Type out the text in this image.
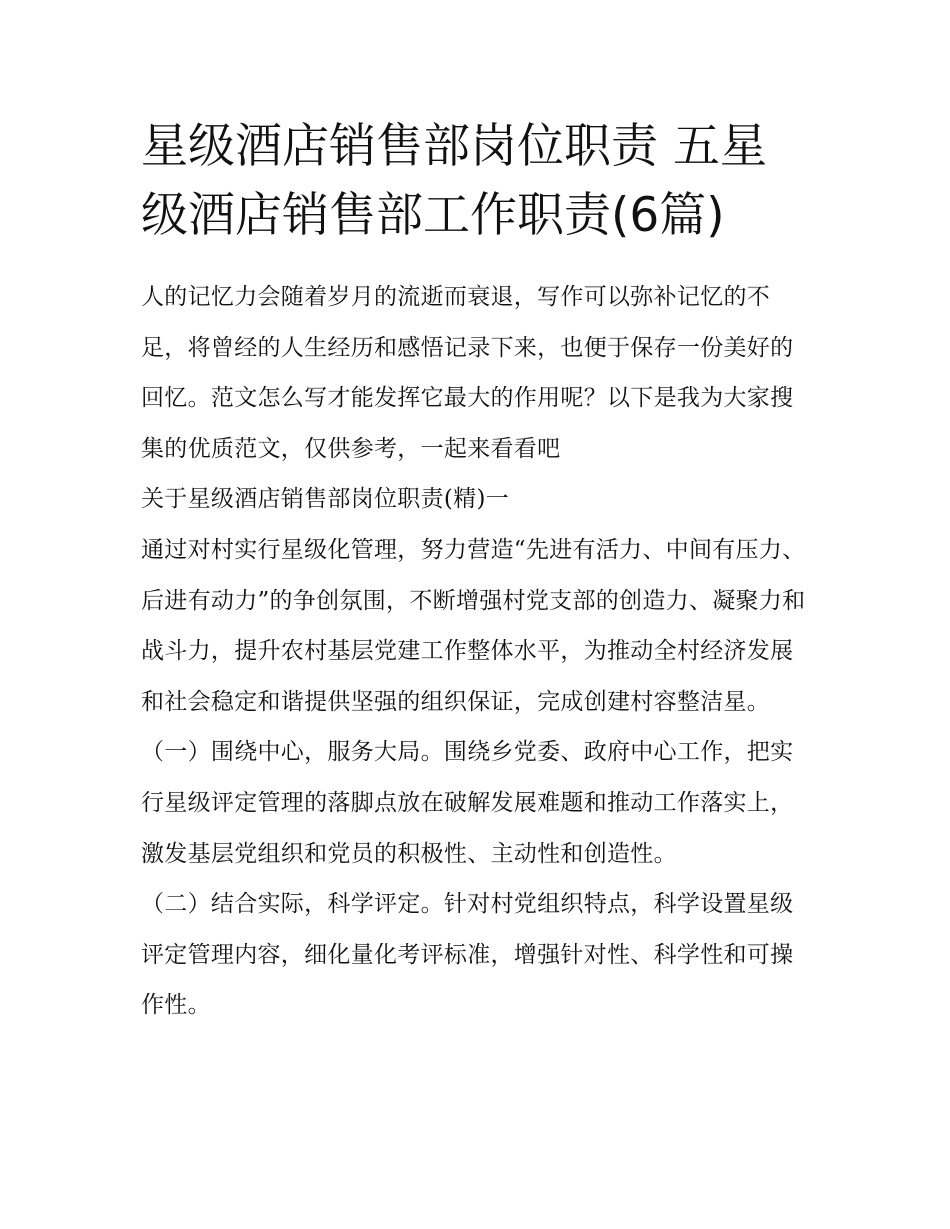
星级酒店销售部岗位职责 五星级酒店销售部工作职责(6篇)

人的记忆力会随着岁月的流逝而衰退，写作可以弥补记忆的不足，将曾经的人生经历和感悟记录下来，也便于保存一份美好的回忆。范文怎么写才能发挥它最大的作用呢？以下是我为大家搜集的优质范文，仅供参考，一起来看看吧

关于星级酒店销售部岗位职责(精)一

通过对村实行星级化管理，努力营造“先进有活力、中间有压力、后进有动力”的争创氛围，不断增强村党支部的创造力、凝聚力和战斗力，提升农村基层党建工作整体水平，为推动全村经济发展和社会稳定和谐提供坚强的组织保证，完成创建村容整洁星。

（一）围绕中心，服务大局。围绕乡党委、政府中心工作，把实行星级评定管理的落脚点放在破解发展难题和推动工作落实上，激发基层党组织和党员的积极性、主动性和创造性。

（二）结合实际，科学评定。针对村党组织特点，科学设置星级评定管理内容，细化量化考评标准，增强针对性、科学性和可操作性。
